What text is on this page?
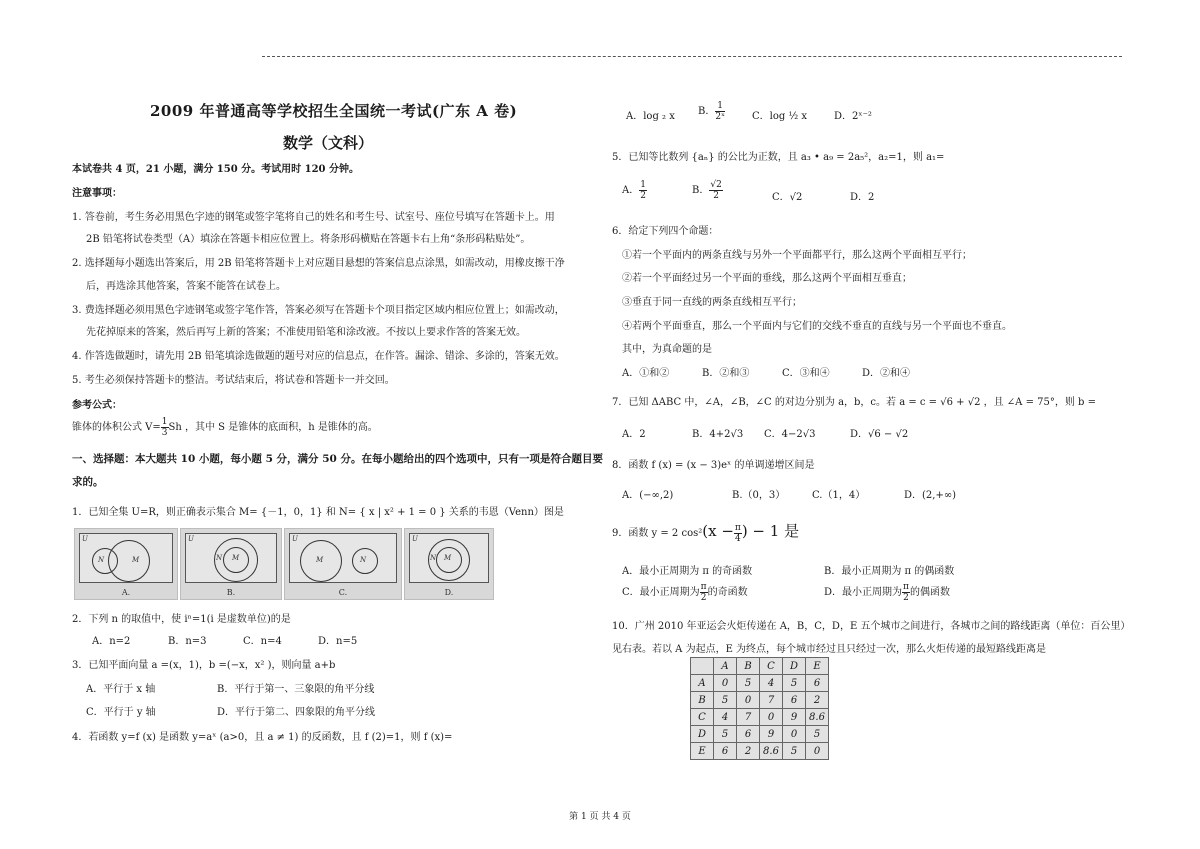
2009 年普通高等学校招生全国统一考试(广东 A 卷)
数学（文科）
本试卷共 4 页，21 小题，满分 150 分。考试用时 120 分钟。
注意事项：
1. 答卷前，考生务必用黑色字迹的钢笔或签字笔将自己的姓名和考生号、试室号、座位号填写在答题卡上。用
2B 铅笔将试卷类型（A）填涂在答题卡相应位置上。将条形码横贴在答题卡右上角“条形码粘贴处”。
2. 选择题每小题选出答案后，用 2B 铅笔将答题卡上对应题目悬想的答案信息点涂黑，如需改动，用橡皮擦干净
后，再选涂其他答案，答案不能答在试卷上。
3. 费选择题必须用黑色字迹钢笔或签字笔作答，答案必须写在答题卡个项目指定区域内相应位置上；如需改动，
先花掉原来的答案，然后再写上新的答案；不准使用铅笔和涂改液。不按以上要求作答的答案无效。
4. 作答选做题时，请先用 2B 铅笔填涂选做题的题号对应的信息点，在作答。漏涂、错涂、多涂的，答案无效。
5. 考生必须保持答题卡的整洁。考试结束后，将试卷和答题卡一并交回。
参考公式：
锥体的体积公式 $V= \frac{1}{3}$ Sh ，其中 S 是锥体的底面积，h 是锥体的高。
一、选择题：本大题共 10 小题，每小题 5 分，满分 50 分。在每小题给出的四个选项中，只有一项是符合题目要
求的。
1．已知全集 U=R，则正确表示集合 M= {－1，0，1} 和 N= { x | x² + 1 = 0 } 关系的韦恩（Venn）图是
U
N	M
A.
U
M
N
B.
U
M	N
C.
U
M
N
D.
2．下列 n 的取值中，使 iⁿ=1(i 是虚数单位)的是
A．n=2	B．n=3	C．n=4	D．n=5
3．已知平面向量 a =(x，1)，b =(−x，x² )，则向量 a+b
A．平行于 x 轴	B．平行于第一、三象限的角平分线
C．平行于 y 轴	D．平行于第二、四象限的角平分线
4．若函数 y=f (x) 是函数 y=aˣ (a>0，且 a ≠ 1) 的反函数，且 f (2)=1，则 f (x)=
A．log ₂ x B． $\frac{1}{\text{2ˣ}}$	C．log ½ x	D．2ˣ⁻²
5．已知等比数列 {aₙ} 的公比为正数，且 a₃ • a₉ = 2a₅²，a₂=1，则 a₁=
A． $\frac{1}{2}$	B． $\frac{√2}{2}$	C．√2	D．2
6．给定下列四个命题：
①若一个平面内的两条直线与另外一个平面都平行，那么这两个平面相互平行；
②若一个平面经过另一个平面的垂线，那么这两个平面相互垂直；
③垂直于同一直线的两条直线相互平行；
④若两个平面垂直，那么一个平面内与它们的交线不垂直的直线与另一个平面也不垂直。
其中，为真命题的是
A．①和②	B．②和③	C．③和④	D．②和④
7．已知 ΔABC 中，∠A，∠B，∠C 的对边分别为 a，b，c。若 a = c = √6 + √2 ，且 ∠A = 75°，则 b =
A．2	B．4+2√3 C．4−2√3	D．√6 − √2
8．函数 f (x) = (x − 3)eˣ 的单调递增区间是
A．(−∞,2)	B.（0，3）	C.（1，4）	D．(2,+∞)
9．函数 y = 2 $\cos^2(x - \frac{\pi}{4}$ ) − 1 是
A．最小正周期为 π 的奇函数	B．最小正周期为 π 的偶函数
C．最小正周期为 $\frac{\pi}{2}$ 的奇函数	D．最小正周期为 $\frac{\pi}{2}$ 的偶函数
10．广州 2010 年亚运会火炬传递在 A，B，C，D，E 五个城市之间进行，各城市之间的路线距离（单位：百公里）
见右表。若以 A 为起点，E 为终点，每个城市经过且只经过一次，那么火炬传递的最短路线距离是
	A	B	C	D	E
A	0	5	4	5	6
B	5	0	7	6	2
C	4	7	0	9	8.6
D	5	6	9	0	5
E	6	2	8.6	5	0
第 1 页 共 4 页
